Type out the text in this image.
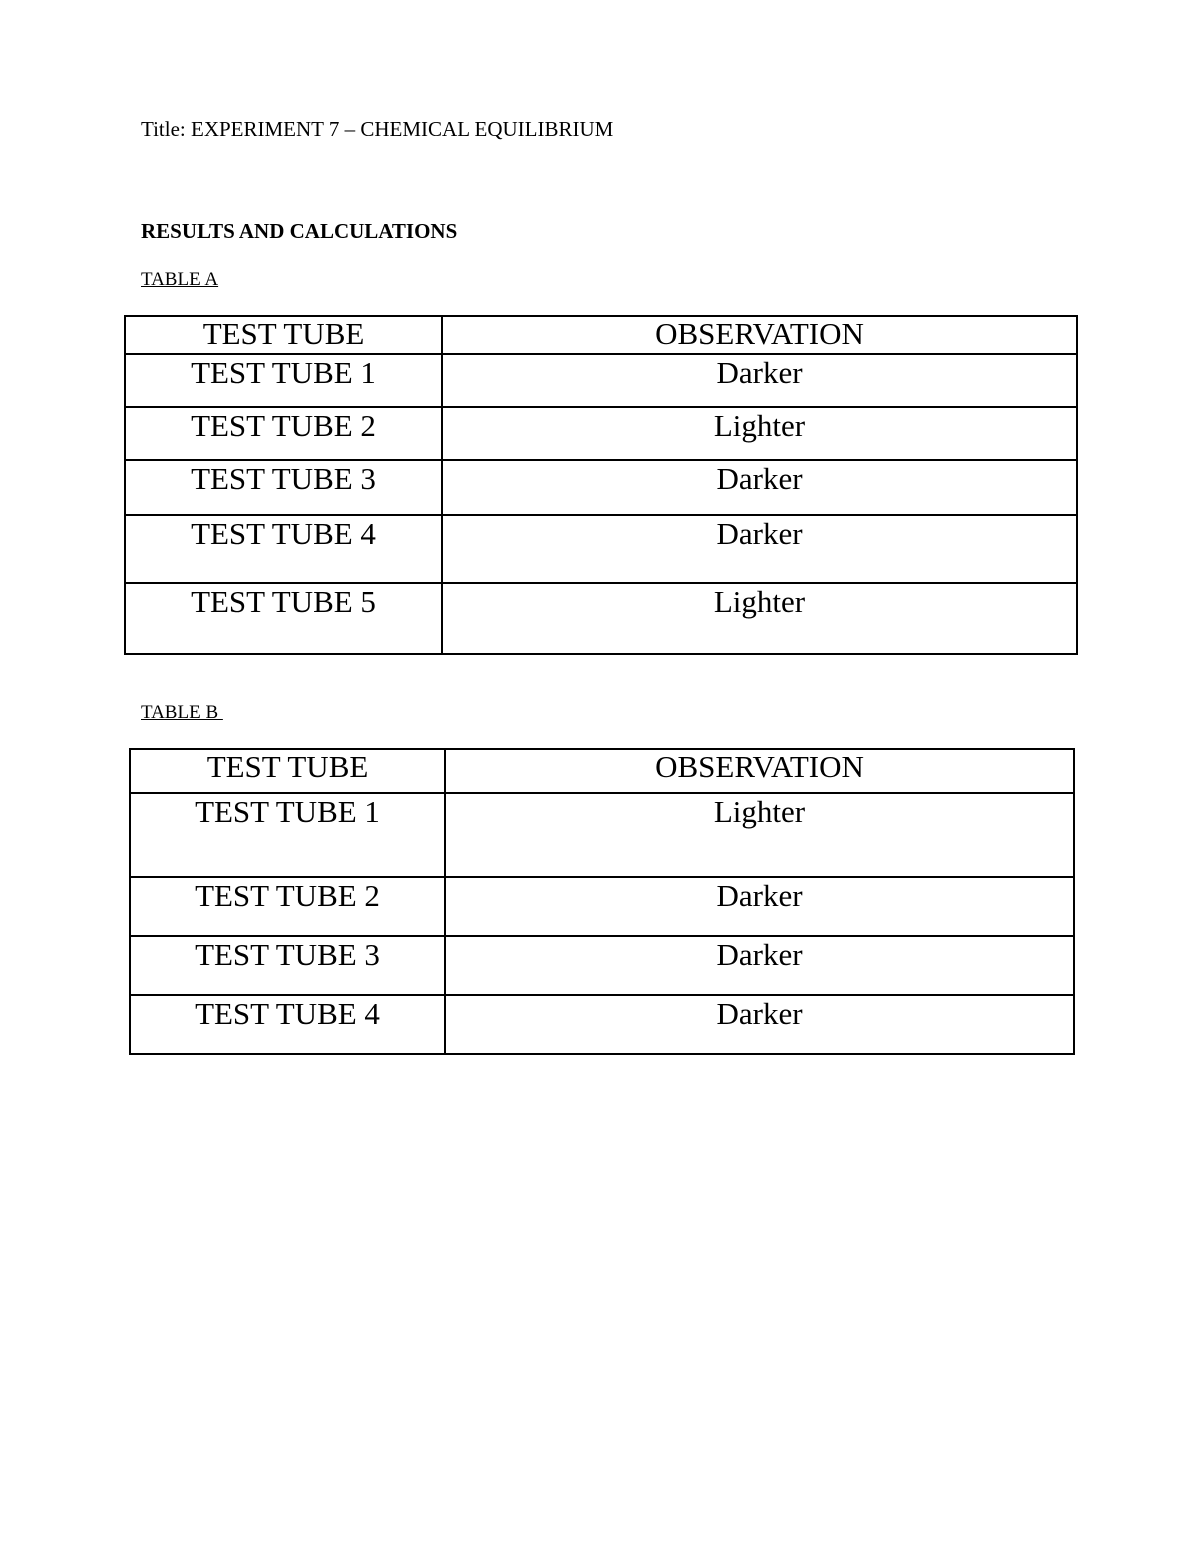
Title: EXPERIMENT 7 – CHEMICAL EQUILIBRIUM
RESULTS AND CALCULATIONS
TABLE A
TEST TUBE	OBSERVATION

TEST TUBE 1	Darker

TEST TUBE 2	Lighter

TEST TUBE 3	Darker

TEST TUBE 4	Darker

TEST TUBE 5	Lighter
TABLE B
TEST TUBE	OBSERVATION

TEST TUBE 1	Lighter

TEST TUBE 2	Darker

TEST TUBE 3	Darker

TEST TUBE 4	Darker
